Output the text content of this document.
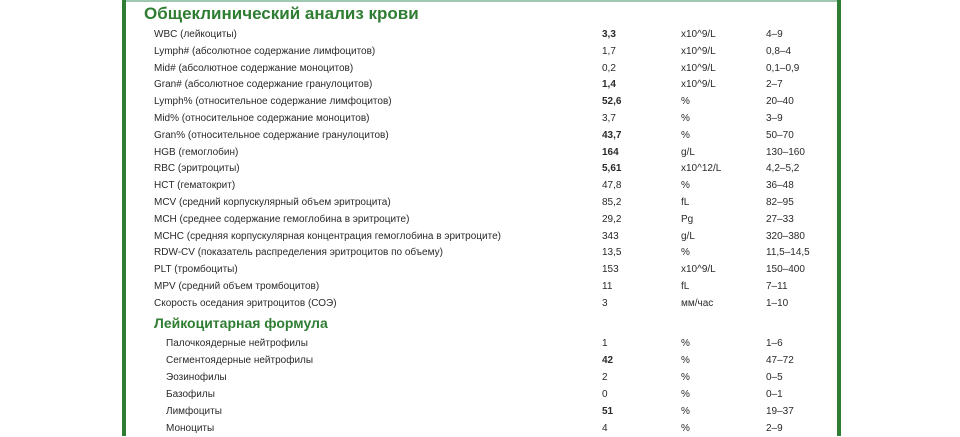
Общеклинический анализ крови
WBC (лейкоциты)	3,3	x10^9/L	4–9
Lymph# (абсолютное содержание лимфоцитов)	1,7	x10^9/L	0,8–4
Mid# (абсолютное содержание моноцитов)	0,2	x10^9/L	0,1–0,9
Gran# (абсолютное содержание гранулоцитов)	1,4	x10^9/L	2–7
Lymph% (относительное содержание лимфоцитов)	52,6	%	20–40
Mid% (относительное содержание моноцитов)	3,7	%	3–9
Gran% (относительное содержание гранулоцитов)	43,7	%	50–70
HGB (гемоглобин)	164	g/L	130–160
RBC (эритроциты)	5,61	x10^12/L	4,2–5,2
HCT (гематокрит)	47,8	%	36–48
MCV (средний корпускулярный объем эритроцита)	85,2	fL	82–95
MCH (среднее содержание гемоглобина в эритроците)	29,2	Pg	27–33
MCHC (средняя корпускулярная концентрация гемоглобина в эритроците)	343	g/L	320–380
RDW-CV (показатель распределения эритроцитов по объему)	13,5	%	11,5–14,5
PLT (тромбоциты)	153	x10^9/L	150–400
MPV (средний объем тромбоцитов)	11	fL	7–11
Скорость оседания эритроцитов (СОЭ)	3	мм/час	1–10
Лейкоцитарная формула
Палочкоядерные нейтрофилы	1	%	1–6
Сегментоядерные нейтрофилы	42	%	47–72
Эозинофилы	2	%	0–5
Базофилы	0	%	0–1
Лимфоциты	51	%	19–37
Моноциты	4	%	2–9
